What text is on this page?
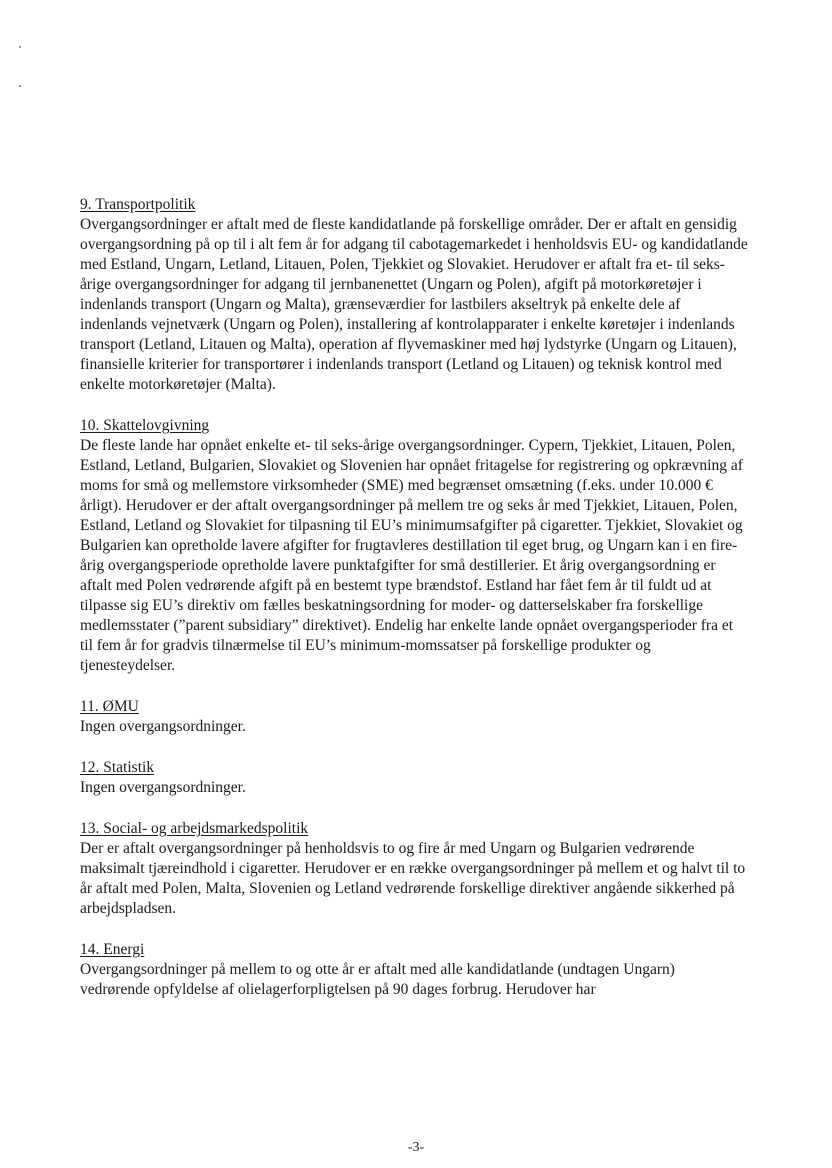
9. Transportpolitik

Overgangsordninger er aftalt med de fleste kandidatlande på forskellige områder. Der er aftalt en gensidig overgangsordning på op til i alt fem år for adgang til cabotagemarkedet i henholdsvis EU- og kandidatlande med Estland, Ungarn, Letland, Litauen, Polen, Tjekkiet og Slovakiet. Herudover er aftalt fra et- til seks-årige overgangsordninger for adgang til jernbanenettet (Ungarn og Polen), afgift på motorkøretøjer i indenlands transport (Ungarn og Malta), grænseværdier for lastbilers akseltryk på enkelte dele af indenlands vejnetværk (Ungarn og Polen), installering af kontrolapparater i enkelte køretøjer i indenlands transport (Letland, Litauen og Malta), operation af flyvemaskiner med høj lydstyrke (Ungarn og Litauen), finansielle kriterier for transportører i indenlands transport (Letland og Litauen) og teknisk kontrol med enkelte motorkøretøjer (Malta).

10. Skattelovgivning

De fleste lande har opnået enkelte et- til seks-årige overgangsordninger. Cypern, Tjekkiet, Litauen, Polen, Estland, Letland, Bulgarien, Slovakiet og Slovenien har opnået fritagelse for registrering og opkrævning af moms for små og mellemstore virksomheder (SME) med begrænset omsætning (f.eks. under 10.000 € årligt). Herudover er der aftalt overgangsordninger på mellem tre og seks år med Tjekkiet, Litauen, Polen, Estland, Letland og Slovakiet for tilpasning til EU’s minimumsafgifter på cigaretter. Tjekkiet, Slovakiet og Bulgarien kan opretholde lavere afgifter for frugtavleres destillation til eget brug, og Ungarn kan i en fire-årig overgangsperiode opretholde lavere punktafgifter for små destillerier. Et årig overgangsordning er aftalt med Polen vedrørende afgift på en bestemt type brændstof. Estland har fået fem år til fuldt ud at tilpasse sig EU’s direktiv om fælles beskatningsordning for moder- og datterselskaber fra forskellige medlemsstater (”parent subsidiary” direktivet). Endelig har enkelte lande opnået overgangsperioder fra et til fem år for gradvis tilnærmelse til EU’s minimum-momssatser på forskellige produkter og tjenesteydelser.

11. ØMU

Ingen overgangsordninger.

12. Statistik

Ingen overgangsordninger.

13. Social- og arbejdsmarkedspolitik

Der er aftalt overgangsordninger på henholdsvis to og fire år med Ungarn og Bulgarien vedrørende maksimalt tjæreindhold i cigaretter. Herudover er en række overgangsordninger på mellem et og halvt til to år aftalt med Polen, Malta, Slovenien og Letland vedrørende forskellige direktiver angående sikkerhed på arbejdspladsen.

14. Energi

Overgangsordninger på mellem to og otte år er aftalt med alle kandidatlande (undtagen Ungarn) vedrørende opfyldelse af olielagerforpligtelsen på 90 dages forbrug. Herudover har

-3-
